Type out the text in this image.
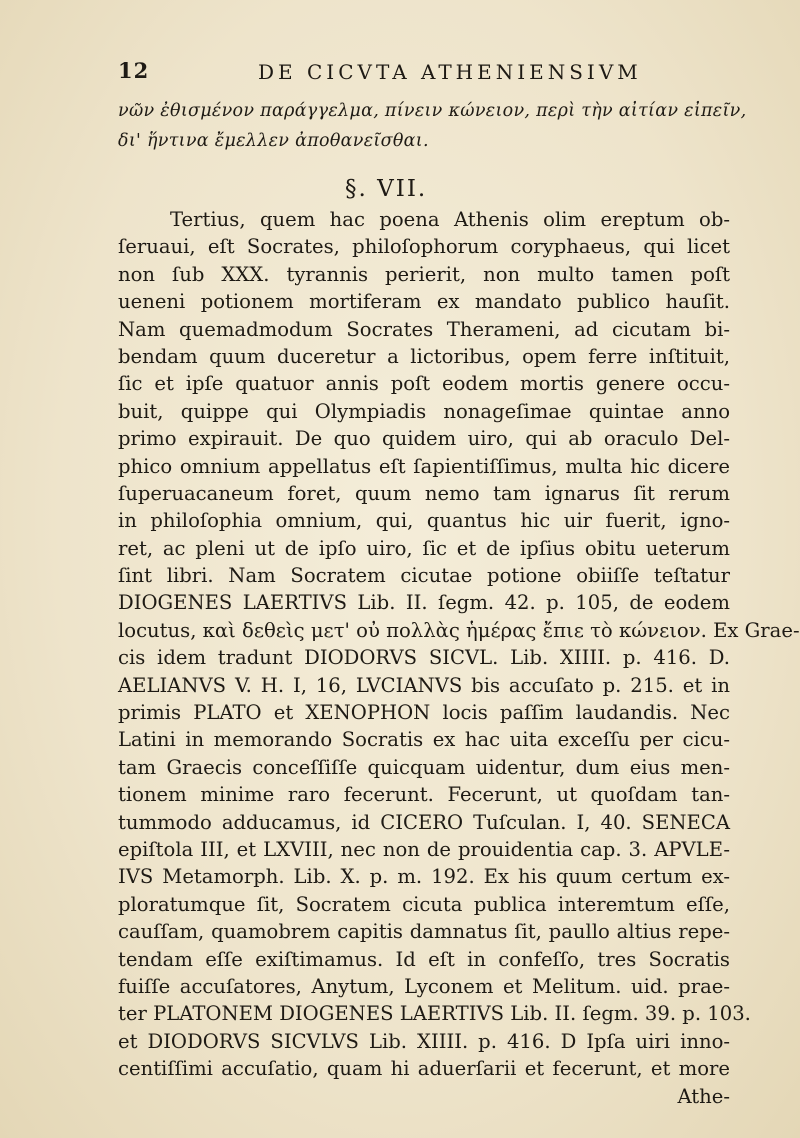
12	DE CICVTA ATHENIENSIVM
νῶν ἐθισμένον παράγγελμα, πίνειν κώνειον, περὶ τὴν αἰτίαν εἰπεῖν,
δι' ἥντινα ἔμελλεν ἀποθανεῖσθαι.
§. VII.
Tertius, quem hac poena Athenis olim ereptum ob-
ſeruaui, eſt Socrates, philoſophorum coryphaeus, qui licet
non ſub XXX. tyrannis perierit, non multo tamen poſt
ueneni potionem mortiferam ex mandato publico hauſit.
Nam quemadmodum Socrates Therameni, ad cicutam bi-
bendam quum duceretur a lictoribus, opem ferre inſtituit,
ſic et ipſe quatuor annis poſt eodem mortis genere occu-
buit, quippe qui Olympiadis nonageſimae quintae anno
primo expirauit. De quo quidem uiro, qui ab oraculo Del-
phico omnium appellatus eſt ſapientiſſimus, multa hic dicere
ſuperuacaneum foret, quum nemo tam ignarus ſit rerum
in philoſophia omnium, qui, quantus hic uir fuerit, igno-
ret, ac pleni ut de ipſo uiro, ſic et de ipſius obitu ueterum
ſint libri. Nam Socratem cicutae potione obiiſſe teſtatur
DIOGENES LAERTIVS Lib. II. ſegm. 42. p. 105, de eodem
locutus, καὶ δεθεὶς μετ' οὐ πολλὰς ἡμέρας ἔπιε τὸ κώνειον. Ex Grae-
cis idem tradunt DIODORVS SICVL. Lib. XIIII. p. 416. D.
AELIANVS V. H. I, 16, LVCIANVS bis accuſato p. 215. et in
primis PLATO et XENOPHON locis paſſim laudandis. Nec
Latini in memorando Socratis ex hac uita exceſſu per cicu-
tam Graecis conceſſiſſe quicquam uidentur, dum eius men-
tionem minime raro fecerunt. Fecerunt, ut quoſdam tan-
tummodo adducamus, id CICERO Tuſculan. I, 40. SENECA
epiſtola III, et LXVIII, nec non de prouidentia cap. 3. APVLE-
IVS Metamorph. Lib. X. p. m. 192. Ex his quum certum ex-
ploratumque ſit, Socratem cicuta publica interemtum eſſe,
cauſſam, quamobrem capitis damnatus ſit, paullo altius repe-
tendam eſſe exiſtimamus. Id eſt in confeſſo, tres Socratis
fuiſſe accuſatores, Anytum, Lyconem et Melitum. uid. prae-
ter PLATONEM DIOGENES LAERTIVS Lib. II. ſegm. 39. p. 103.
et DIODORVS SICVLVS Lib. XIIII. p. 416. D Ipſa uiri inno-
centiſſimi accuſatio, quam hi aduerſarii et fecerunt, et more
Athe-
